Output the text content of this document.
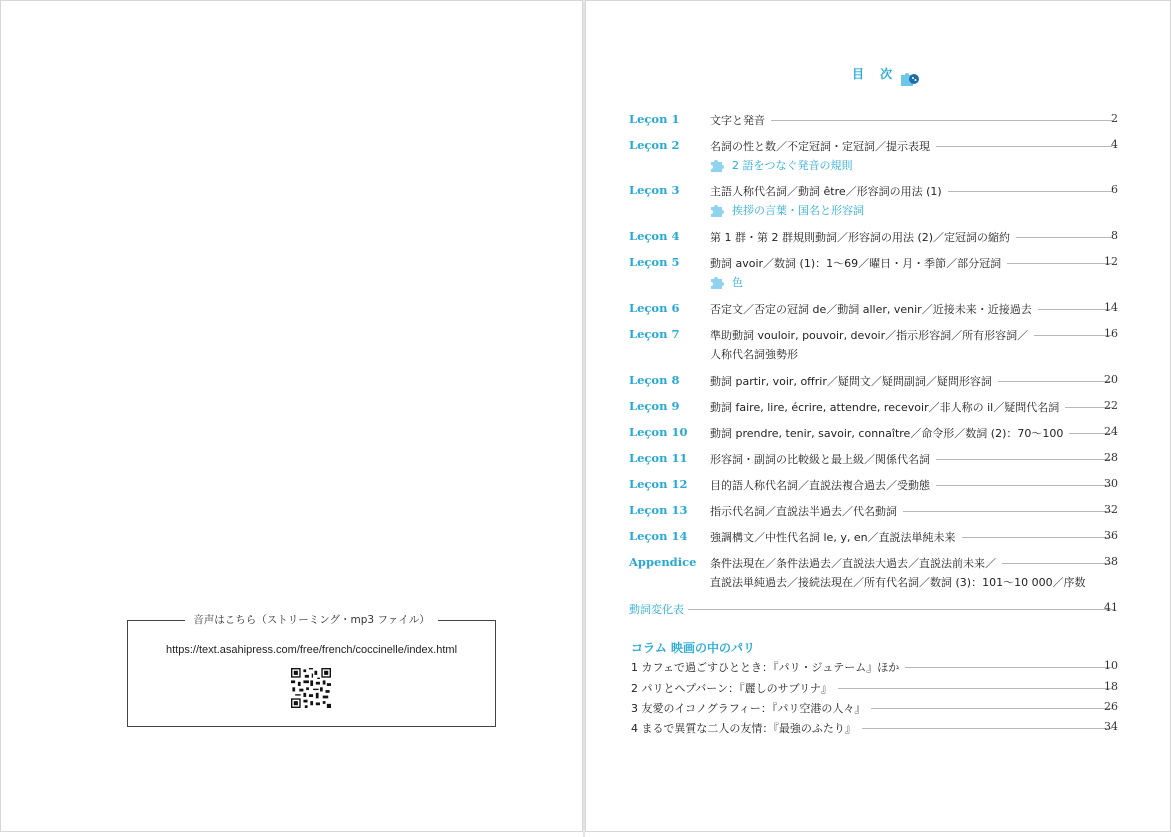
音声はこちら（ストリーミング・mp3 ファイル）
https://text.asahipress.com/free/french/coccinelle/index.html
目 次
Leçon 1	文字と発音	2
Leçon 2	名詞の性と数／不定冠詞・定冠詞／提示表現	4
2 語をつなぐ発音の規則
Leçon 3	主語人称代名詞／動詞 être／形容詞の用法 (1)	6
挨拶の言葉・国名と形容詞
Leçon 4	第 1 群・第 2 群規則動詞／形容詞の用法 (2)／定冠詞の縮約	8
Leçon 5	動詞 avoir／数詞 (1)：1〜69／曜日・月・季節／部分冠詞	12
色
Leçon 6	否定文／否定の冠詞 de／動詞 aller, venir／近接未来・近接過去	14
Leçon 7	準助動詞 vouloir, pouvoir, devoir／指示形容詞／所有形容詞／	16
人称代名詞強勢形
Leçon 8	動詞 partir, voir, offrir／疑問文／疑問副詞／疑問形容詞	20
Leçon 9	動詞 faire, lire, écrire, attendre, recevoir／非人称の il／疑問代名詞	22
Leçon 10 動詞 prendre, tenir, savoir, connaître／命令形／数詞 (2)：70〜100	24
Leçon 11 形容詞・副詞の比較級と最上級／関係代名詞	28
Leçon 12 目的語人称代名詞／直説法複合過去／受動態	30
Leçon 13 指示代名詞／直説法半過去／代名動詞	32
Leçon 14 強調構文／中性代名詞 le, y, en／直説法単純未来	36
Appendice 条件法現在／条件法過去／直説法大過去／直説法前未来／	38
直説法単純過去／接続法現在／所有代名詞／数詞 (3)：101〜10 000／序数
動詞変化表	41
コラム 映画の中のパリ
1 カフェで過ごすひととき：『パリ・ジュテーム』ほか	10
2 パリとヘプバーン：『麗しのサブリナ』	18
3 友愛のイコノグラフィー：『パリ空港の人々』	26
4 まるで異質な二人の友情：『最強のふたり』	34
